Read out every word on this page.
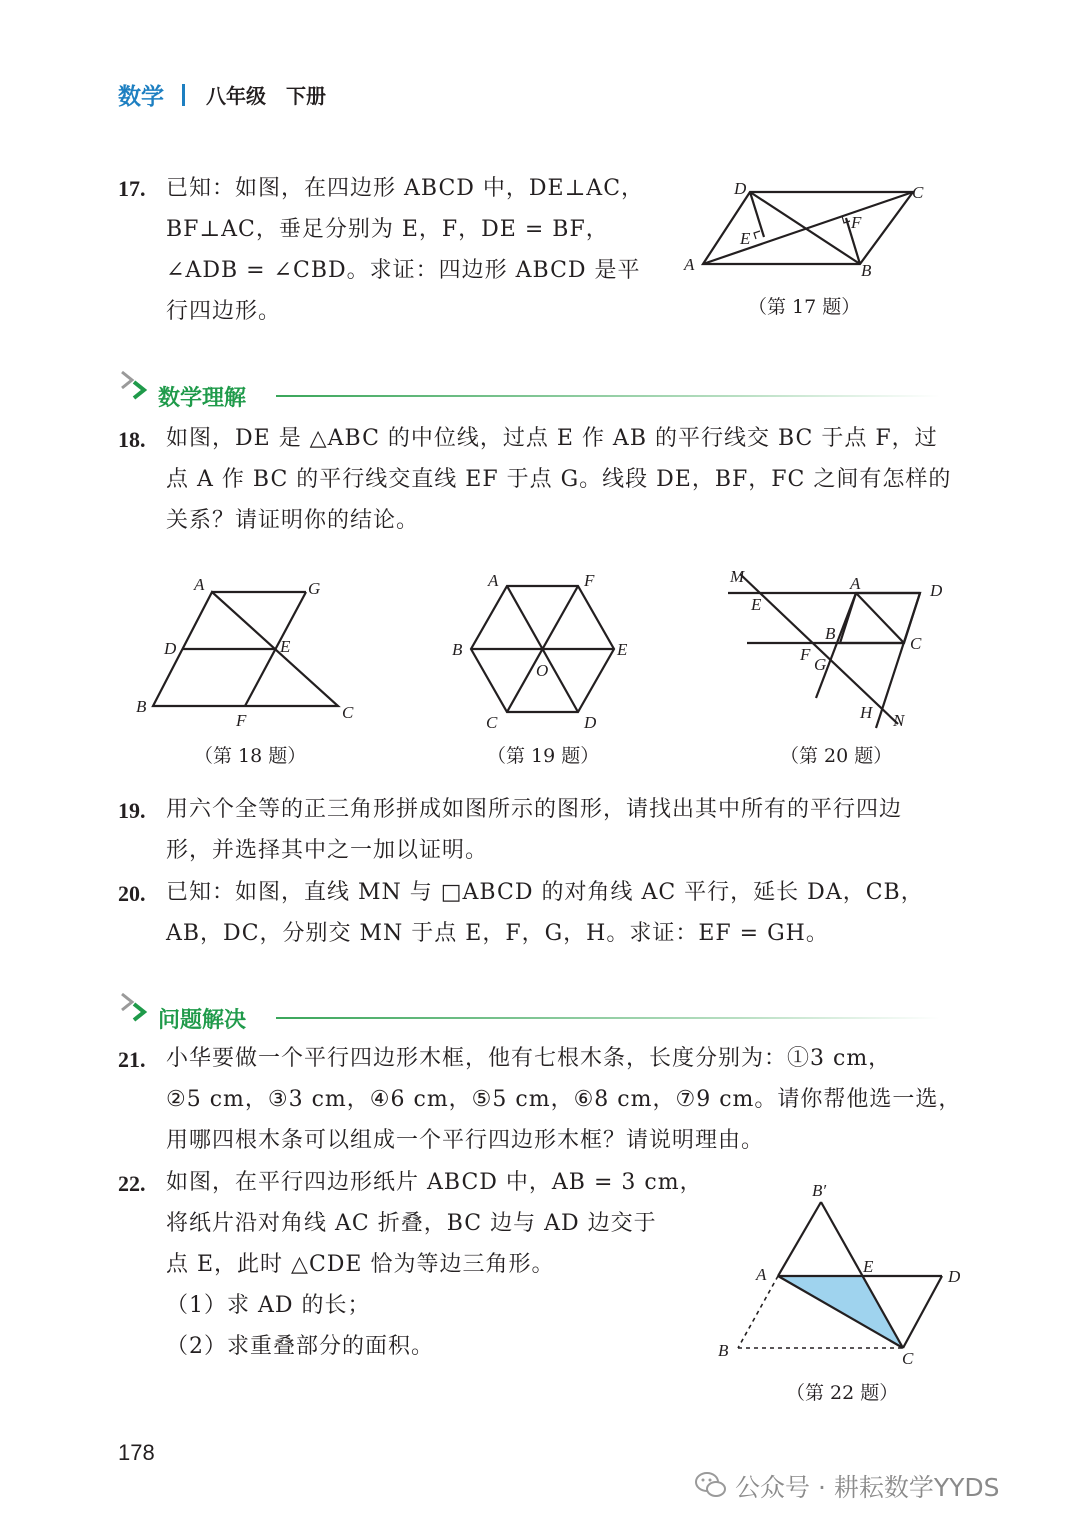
数学 八年级 下册
17. 已知：如图，在四边形 ABCD 中，DE⊥AC，
BF⊥AC，垂足分别为 E，F，DE = BF，
∠ADB = ∠CBD。求证：四边形 ABCD 是平
行四边形。
D	C
A	B
E
F
（第 17 题）
数学理解
18. 如图，DE 是 △ABC 的中位线，过点 E 作 AB 的平行线交 BC 于点 F，过
点 A 作 BC 的平行线交直线 EF 于点 G。线段 DE，BF，FC 之间有怎样的
关系？请证明你的结论。
A	G
D	E
B
F	C
（第 18 题）
A	F
B	E
O
C	D
（第 19 题）
M	A	D
E
B
C
F
G
H N
（第 20 题）
19. 用六个全等的正三角形拼成如图所示的图形，请找出其中所有的平行四边
形，并选择其中之一加以证明。
20. 已知：如图，直线 MN 与 □ABCD 的对角线 AC 平行，延长 DA，CB，
AB，DC，分别交 MN 于点 E，F，G，H。求证：EF = GH。
问题解决
21. 小华要做一个平行四边形木框，他有七根木条，长度分别为：①3 cm，
②5 cm，③3 cm，④6 cm，⑤5 cm，⑥8 cm，⑦9 cm。请你帮他选一选，
用哪四根木条可以组成一个平行四边形木框？请说明理由。
22. 如图，在平行四边形纸片 ABCD 中，AB = 3 cm，
将纸片沿对角线 AC 折叠，BC 边与 AD 边交于
点 E，此时 △CDE 恰为等边三角形。
（1）求 AD 的长；
（2）求重叠部分的面积。
B′
A	E
D
B	C
（第 22 题）
178
公众号 · 耕耘数学YYDS
